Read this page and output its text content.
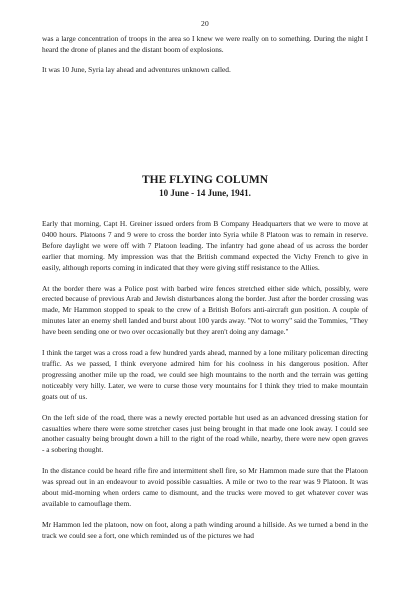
20

was a large concentration of troops in the area so I knew we were really on to something. During the night I heard the drone of planes and the distant boom of explosions.

It was 10 June, Syria lay ahead and adventures unknown called.

THE FLYING COLUMN
10 June - 14 June, 1941.

Early that morning, Capt H. Greiner issued orders from B Company Headquarters that we were to move at 0400 hours. Platoons 7 and 9 were to cross the border into Syria while 8 Platoon was to remain in reserve. Before daylight we were off with 7 Platoon leading. The infantry had gone ahead of us across the border earlier that morning. My impression was that the British command expected the Vichy French to give in easily, although reports coming in indicated that they were giving stiff resistance to the Allies.

At the border there was a Police post with barbed wire fences stretched either side which, possibly, were erected because of previous Arab and Jewish disturbances along the border. Just after the border crossing was made, Mr Hammon stopped to speak to the crew of a British Bofors anti-aircraft gun position. A couple of minutes later an enemy shell landed and burst about 100 yards away. "Not to worry" said the Tommies, "They have been sending one or two over occasionally but they aren't doing any damage."

I think the target was a cross road a few hundred yards ahead, manned by a lone military policeman directing traffic. As we passed, I think everyone admired him for his coolness in his dangerous position. After progressing another mile up the road, we could see high mountains to the north and the terrain was getting noticeably very hilly. Later, we were to curse those very mountains for I think they tried to make mountain goats out of us.

On the left side of the road, there was a newly erected portable hut used as an advanced dressing station for casualties where there were some stretcher cases just being brought in that made one look away. I could see another casualty being brought down a hill to the right of the road while, nearby, there were new open graves - a sobering thought.

In the distance could be heard rifle fire and intermittent shell fire, so Mr Hammon made sure that the Platoon was spread out in an endeavour to avoid possible casualties. A mile or two to the rear was 9 Platoon. It was about mid-morning when orders came to dismount, and the trucks were moved to get whatever cover was available to camouflage them.

Mr Hammon led the platoon, now on foot, along a path winding around a hillside. As we turned a bend in the track we could see a fort, one which reminded us of the pictures we had
